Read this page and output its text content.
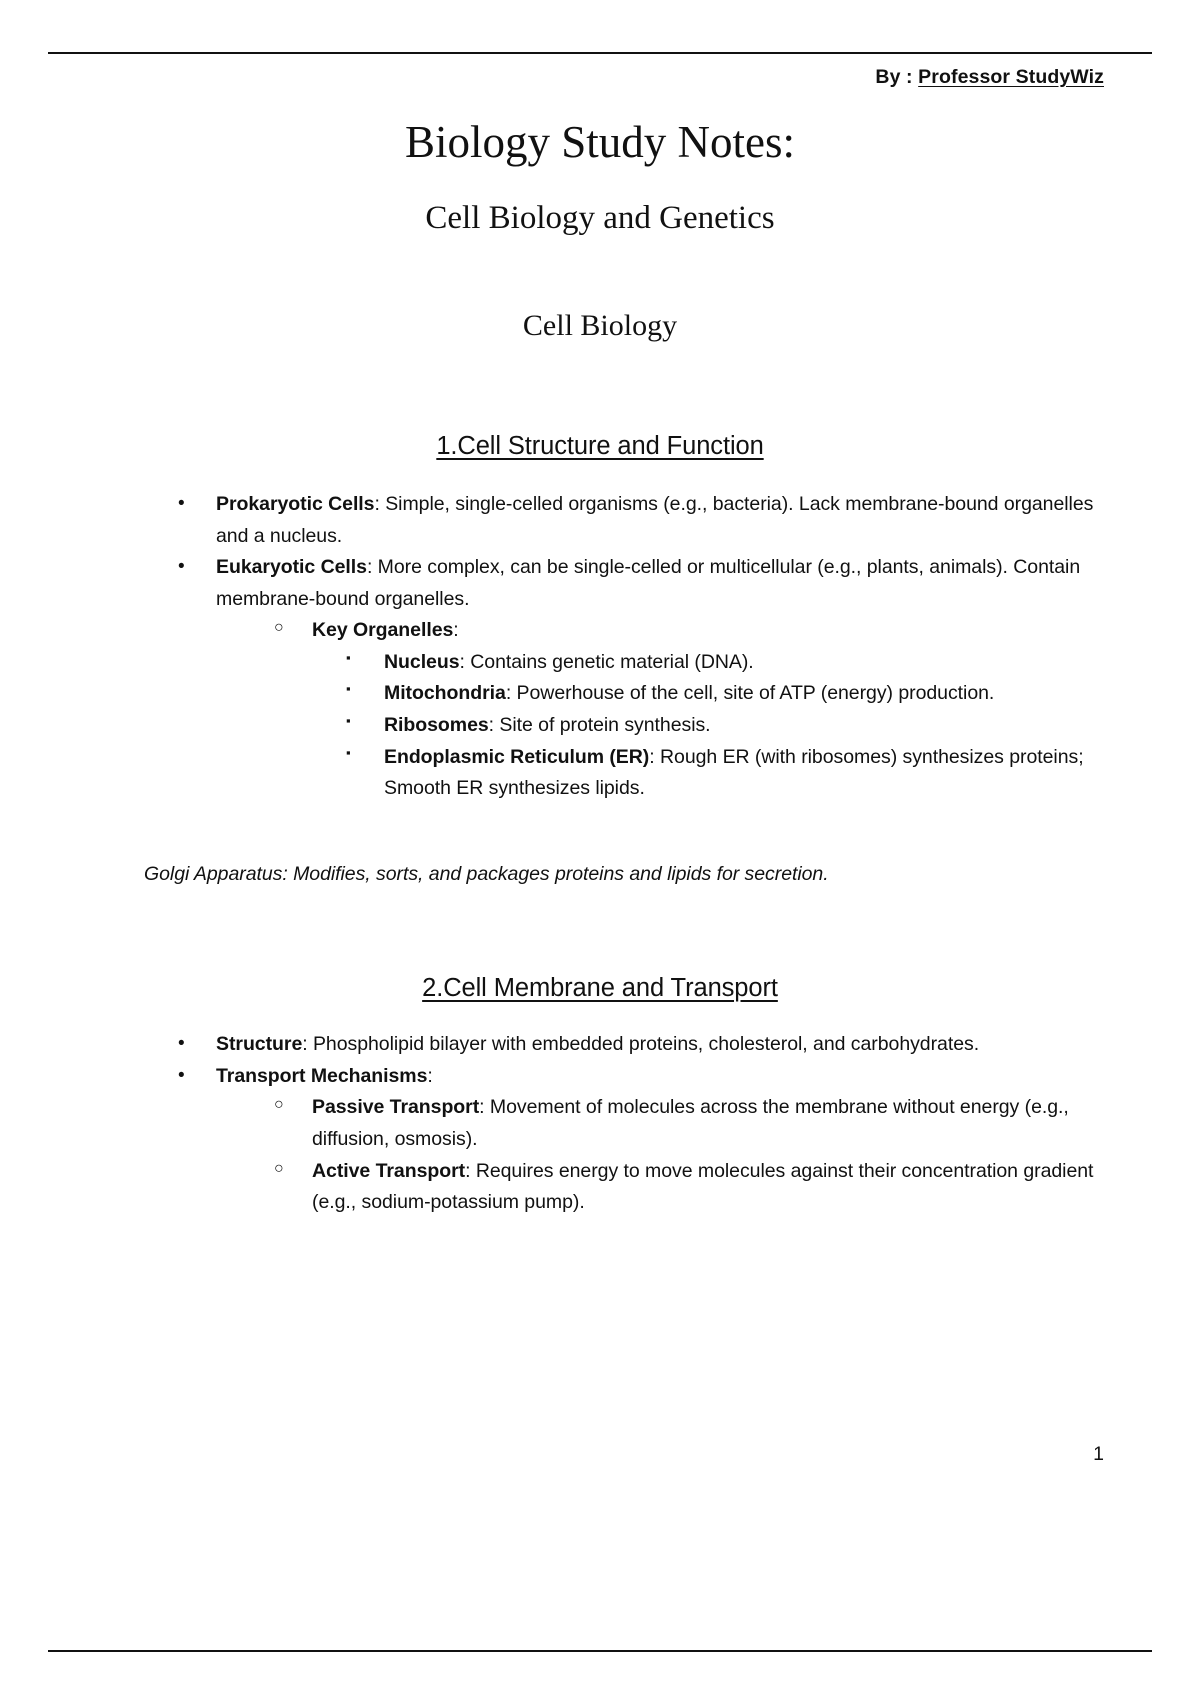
By : Professor StudyWiz
Biology Study Notes:
Cell Biology and Genetics
Cell Biology
1.Cell Structure and Function
• Prokaryotic Cells: Simple, single-celled organisms (e.g., bacteria). Lack membrane-bound organelles and a nucleus.
• Eukaryotic Cells: More complex, can be single-celled or multicellular (e.g., plants, animals). Contain membrane-bound organelles.
○ Key Organelles:
▪ Nucleus: Contains genetic material (DNA).
▪ Mitochondria: Powerhouse of the cell, site of ATP (energy) production.
▪ Ribosomes: Site of protein synthesis.
▪ Endoplasmic Reticulum (ER): Rough ER (with ribosomes) synthesizes proteins; Smooth ER synthesizes lipids.

Golgi Apparatus: Modifies, sorts, and packages proteins and lipids for secretion.

2.Cell Membrane and Transport
• Structure: Phospholipid bilayer with embedded proteins, cholesterol, and carbohydrates.
• Transport Mechanisms:
○ Passive Transport: Movement of molecules across the membrane without energy (e.g., diffusion, osmosis).
○ Active Transport: Requires energy to move molecules against their concentration gradient (e.g., sodium-potassium pump).
1
